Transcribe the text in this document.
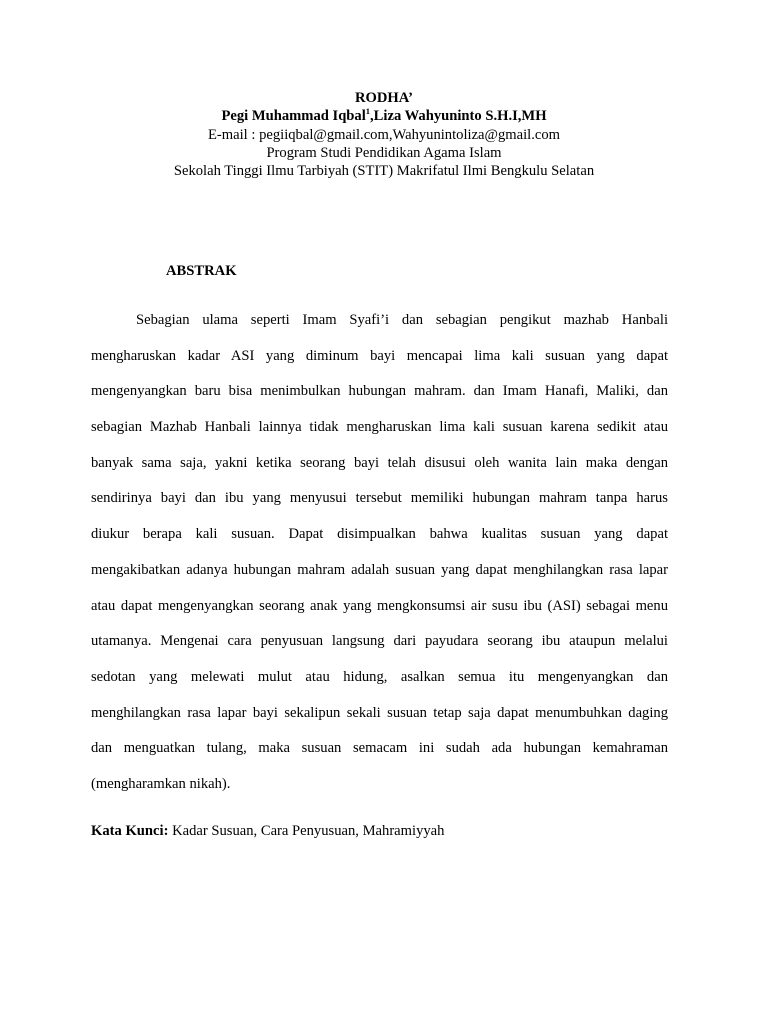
RODHA’
Pegi Muhammad Iqbal$^1$,Liza Wahyuninto S.H.I,MH
E-mail : pegiiqbal@gmail.com,Wahyunintoliza@gmail.com
Program Studi Pendidikan Agama Islam
Sekolah Tinggi Ilmu Tarbiyah (STIT) Makrifatul Ilmi Bengkulu Selatan
ABSTRAK
Sebagian ulama seperti Imam Syafi’i dan sebagian pengikut mazhab Hanbali
mengharuskan kadar ASI yang diminum bayi mencapai lima kali susuan yang dapat
mengenyangkan baru bisa menimbulkan hubungan mahram. dan Imam Hanafi, Maliki, dan
sebagian Mazhab Hanbali lainnya tidak mengharuskan lima kali susuan karena sedikit atau
banyak sama saja, yakni ketika seorang bayi telah disusui oleh wanita lain maka dengan
sendirinya bayi dan ibu yang menyusui tersebut memiliki hubungan mahram tanpa harus
diukur berapa kali susuan. Dapat disimpualkan bahwa kualitas susuan yang dapat
mengakibatkan adanya hubungan mahram adalah susuan yang dapat menghilangkan rasa lapar
atau dapat mengenyangkan seorang anak yang mengkonsumsi air susu ibu (ASI) sebagai menu
utamanya. Mengenai cara penyusuan langsung dari payudara seorang ibu ataupun melalui
sedotan yang melewati mulut atau hidung, asalkan semua itu mengenyangkan dan
menghilangkan rasa lapar bayi sekalipun sekali susuan tetap saja dapat menumbuhkan daging
dan menguatkan tulang, maka susuan semacam ini sudah ada hubungan kemahraman
(mengharamkan nikah).
Kata Kunci: Kadar Susuan, Cara Penyusuan, Mahramiyyah
